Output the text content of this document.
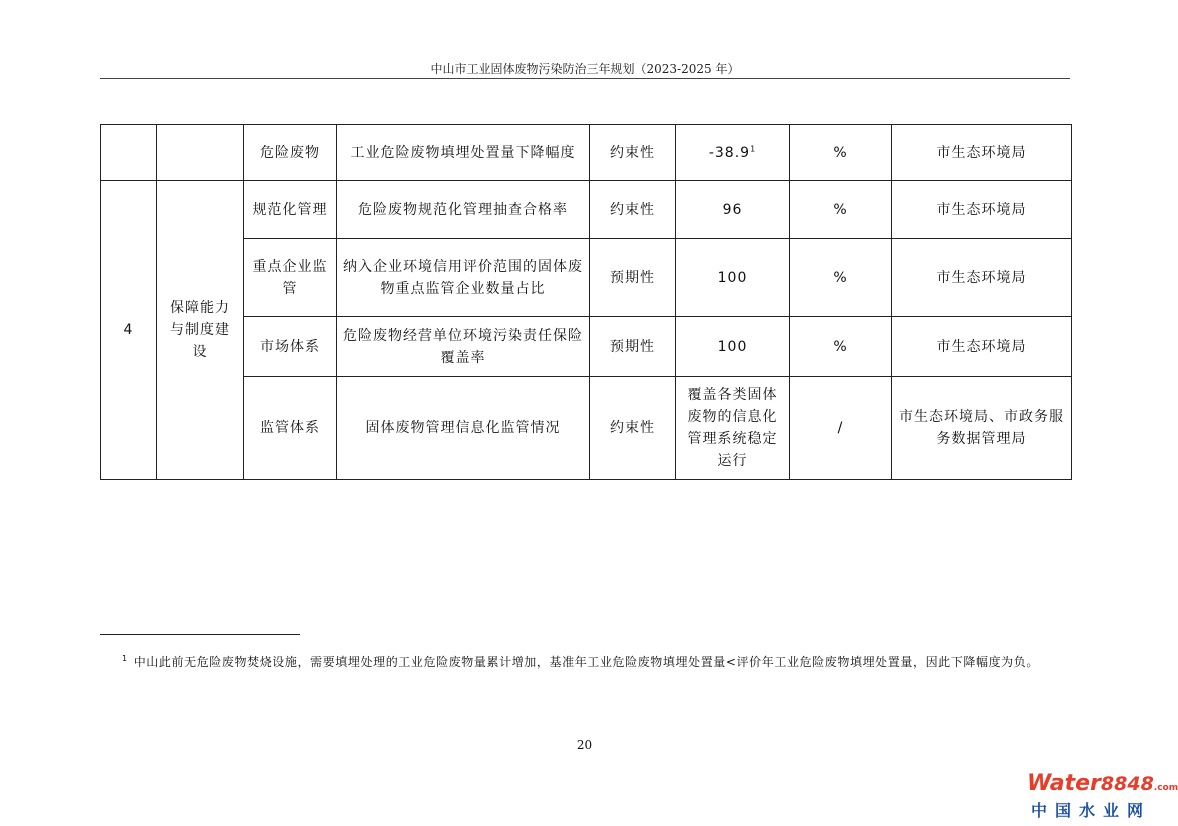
中山市工业固体废物污染防治三年规划（2023-2025 年）
		危险废物	工业危险废物填埋处置量下降幅度	约束性	-38.9$^1$	%	市生态环境局
4	保障能力与制度建设	规范化管理	危险废物规范化管理抽查合格率	约束性	96	%	市生态环境局
		重点企业监管	纳入企业环境信用评价范围的固体废物重点监管企业数量占比	预期性	100	%	市生态环境局
		市场体系	危险废物经营单位环境污染责任保险覆盖率	预期性	100	%	市生态环境局
		监管体系	固体废物管理信息化监管情况	约束性	覆盖各类固体废物的信息化管理系统稳定运行	/	市生态环境局、市政务服务数据管理局
$^1$ 中山此前无危险废物焚烧设施，需要填埋处理的工业危险废物量累计增加，基准年工业危险废物填埋处置量<评价年工业危险废物填埋处置量，因此下降幅度为负。
20
Water8848.com
中国水业网
